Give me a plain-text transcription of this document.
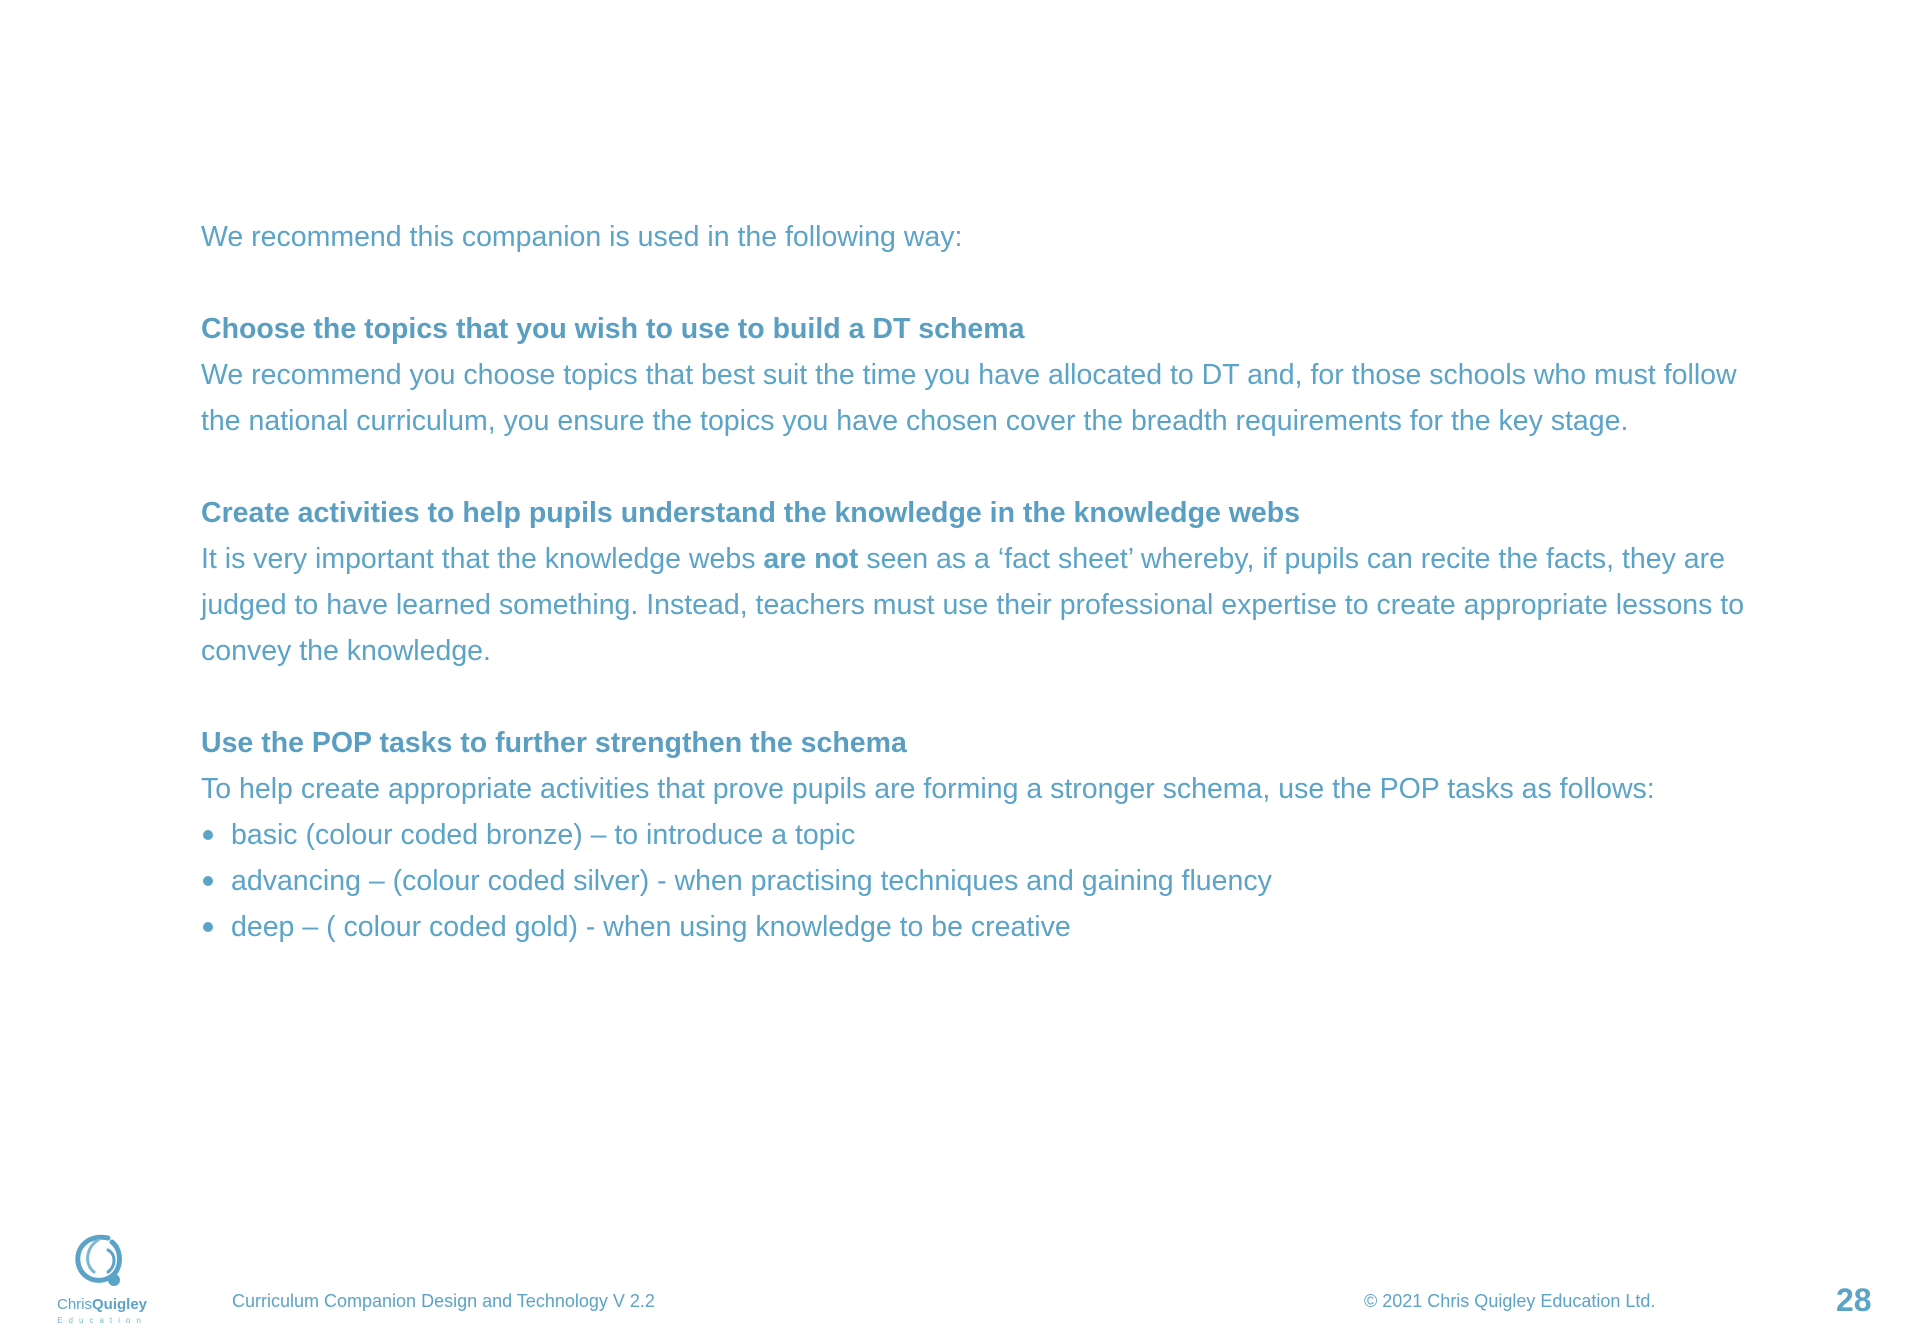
We recommend this companion is used in the following way:

Choose the topics that you wish to use to build a DT schema

We recommend you choose topics that best suit the time you have allocated to DT and, for those schools who must follow the national curriculum, you ensure the topics you have chosen cover the breadth requirements for the key stage.

Create activities to help pupils understand the knowledge in the knowledge webs

It is very important that the knowledge webs are not seen as a ‘fact sheet’ whereby, if pupils can recite the facts, they are judged to have learned something. Instead, teachers must use their professional expertise to create appropriate lessons to convey the knowledge.

Use the POP tasks to further strengthen the schema

To help create appropriate activities that prove pupils are forming a stronger schema, use the POP tasks as follows:

basic (colour coded bronze) – to introduce a topic
advancing – (colour coded silver) - when practising techniques and gaining fluency
deep – ( colour coded gold) - when using knowledge to be creative
ChrisQuigley
Education
Curriculum Companion Design and Technology V 2.2	© 2021 Chris Quigley Education Ltd.	28
